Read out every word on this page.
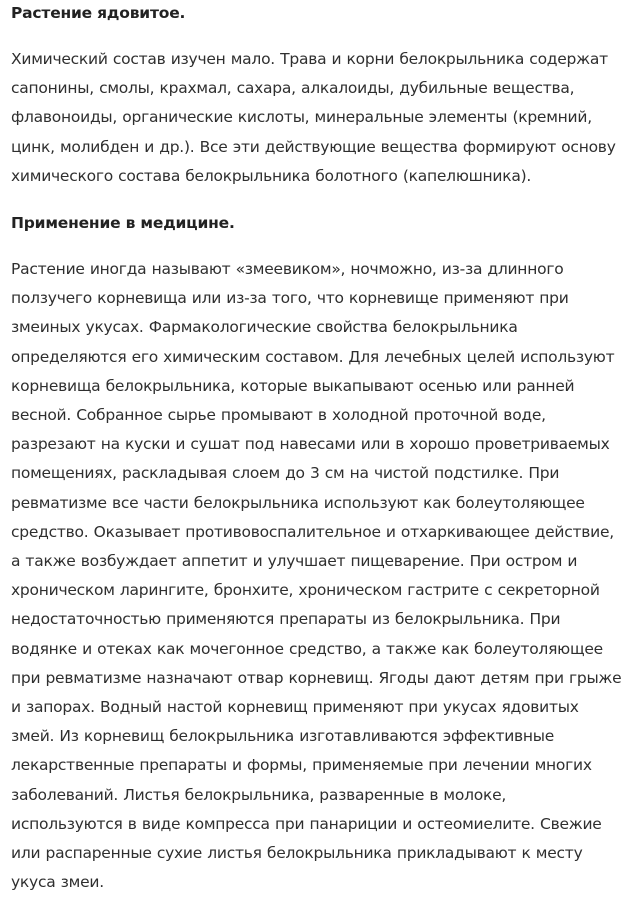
Растение ядовитое.

Химический состав изучен мало. Трава и корни белокрыльника содержат
сапонины, смолы, крахмал, сахара, алкалоиды, дубильные вещества,
флавоноиды, органические кислоты, минеральные элементы (кремний,
цинк, молибден и др.). Все эти действующие вещества формируют основу
химического состава белокрыльника болотного (капелюшника).

Применение в медицине.

Растение иногда называют «змеевиком», ночможно, из-за длинного
ползучего корневища или из-за того, что корневище применяют при
змеиных укусах. Фармакологические свойства белокрыльника
определяются его химическим составом. Для лечебных целей используют
корневища белокрыльника, которые выкапывают осенью или ранней
весной. Собранное сырье промывают в холодной проточной воде,
разрезают на куски и сушат под навесами или в хорошо проветриваемых
помещениях, раскладывая слоем до 3 см на чистой подстилке. При
ревматизме все части белокрыльника используют как болеутоляющее
средство. Оказывает противовоспалительное и отхаркивающее действие,
а также возбуждает аппетит и улучшает пищеварение. При остром и
хроническом ларингите, бронхите, хроническом гастрите с секреторной
недостаточностью применяются препараты из белокрыльника. При
водянке и отеках как мочегонное средство, а также как болеутоляющее
при ревматизме назначают отвар корневищ. Ягоды дают детям при грыже
и запорах. Водный настой корневищ применяют при укусах ядовитых
змей. Из корневищ белокрыльника изготавливаются эффективные
лекарственные препараты и формы, применяемые при лечении многих
заболеваний. Листья белокрыльника, разваренные в молоке,
используются в виде компресса при панариции и остеомиелите. Свежие
или распаренные сухие листья белокрыльника прикладывают к месту
укуса змеи.
